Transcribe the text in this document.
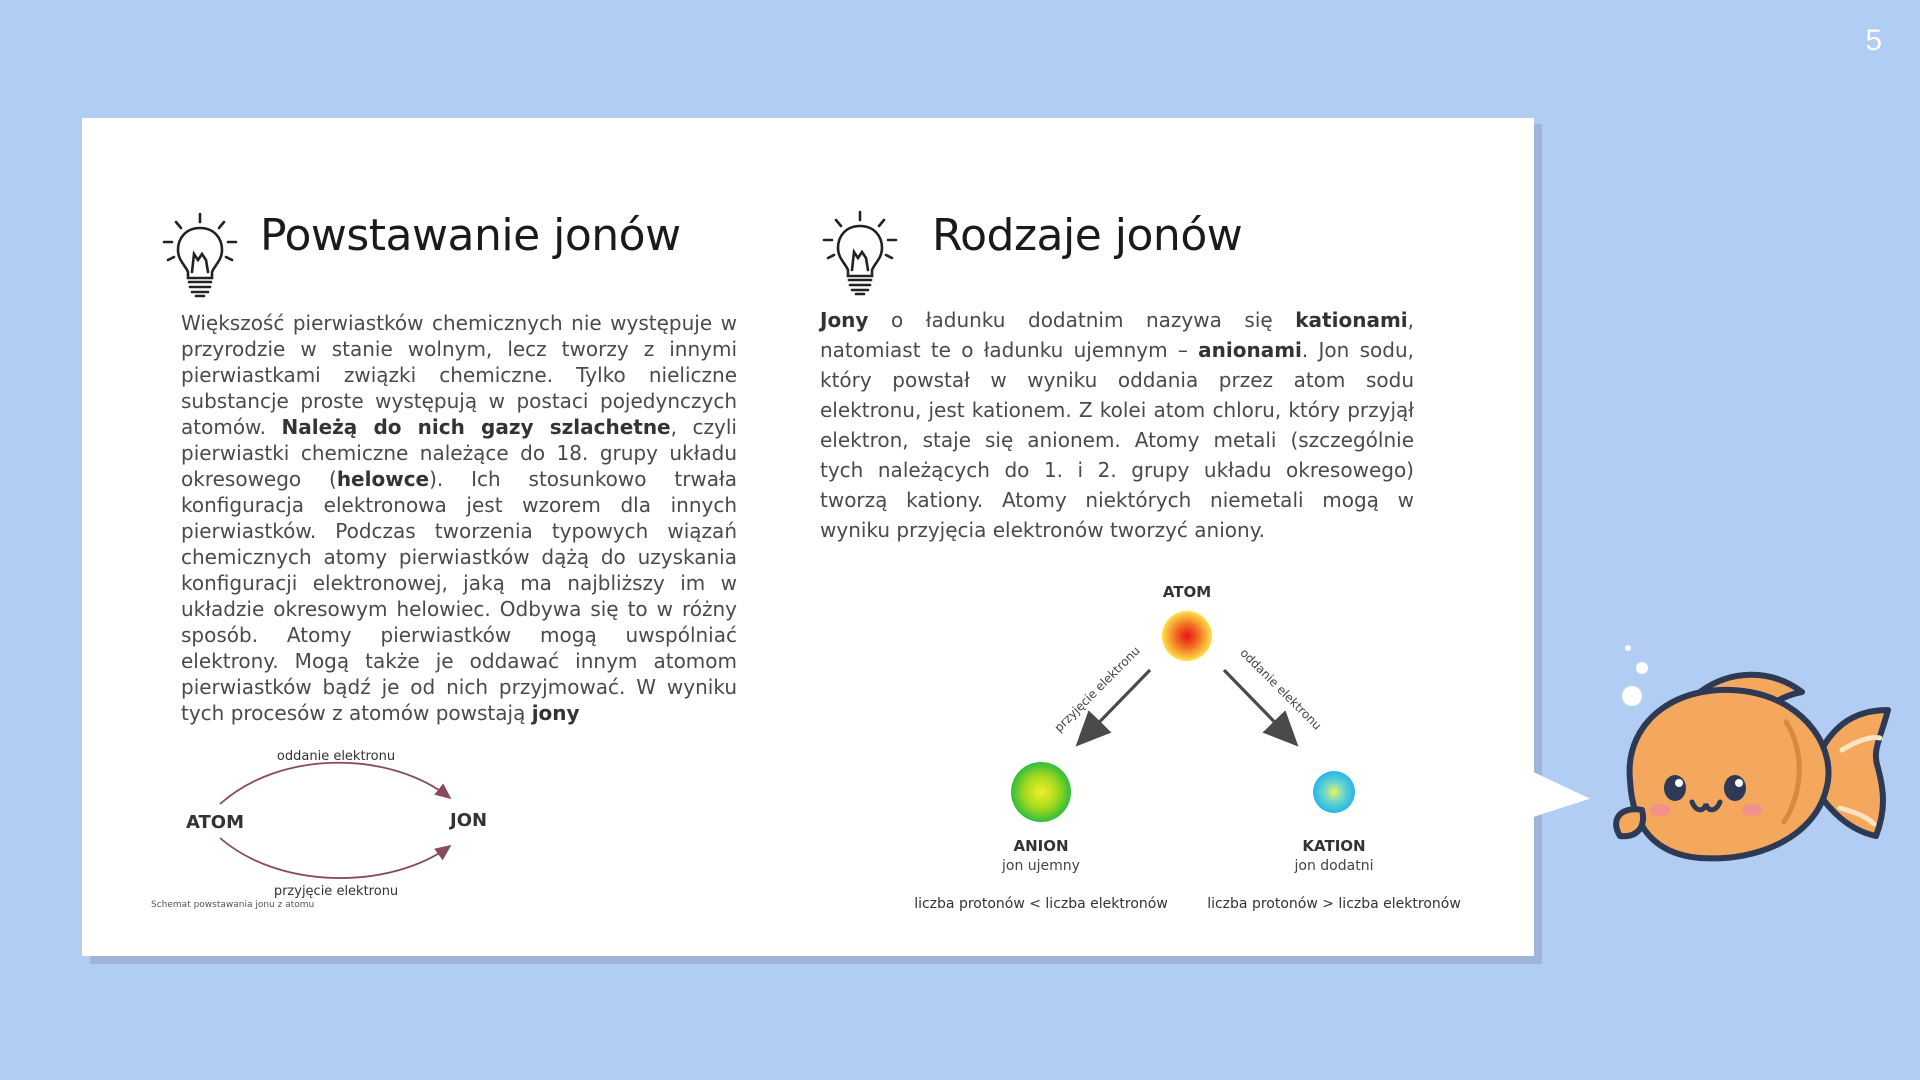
5
Powstawanie jonów

Większość pierwiastków chemicznych nie występuje w przyrodzie w stanie wolnym, lecz tworzy z innymi pierwiastkami związki chemiczne. Tylko nieliczne substancje proste występują w postaci pojedynczych atomów. Należą do nich gazy szlachetne, czyli pierwiastki chemiczne należące do 18. grupy układu okresowego (helowce). Ich stosunkowo trwała konfiguracja elektronowa jest wzorem dla innych pierwiastków. Podczas tworzenia typowych wiązań chemicznych atomy pierwiastków dążą do uzyskania konfiguracji elektronowej, jaką ma najbliższy im w układzie okresowym helowiec. Odbywa się to w różny sposób. Atomy pierwiastków mogą uwspólniać elektrony. Mogą także je oddawać innym atomom pierwiastków bądź je od nich przyjmować. W wyniku tych procesów z atomów powstają jony

Schemat powstawania jonu z atomu
ATOM	JON
oddanie elektronu
przyjęcie elektronu
Rodzaje jonów

Jony o ładunku dodatnim nazywa się kationami, natomiast te o ładunku ujemnym – anionami. Jon sodu, który powstał w wyniku oddania przez atom sodu elektronu, jest kationem. Z kolei atom chloru, który przyjął elektron, staje się anionem. Atomy metali (szczególnie tych należących do 1. i 2. grupy układu okresowego) tworzą kationy. Atomy niektórych niemetali mogą w wyniku przyjęcia elektronów tworzyć aniony.

ATOM
przyjęcie elektronu	oddanie elektronu
ANION
jon ujemny
KATION
jon dodatni
liczba protonów < liczba elektronów	liczba protonów > liczba elektronów
